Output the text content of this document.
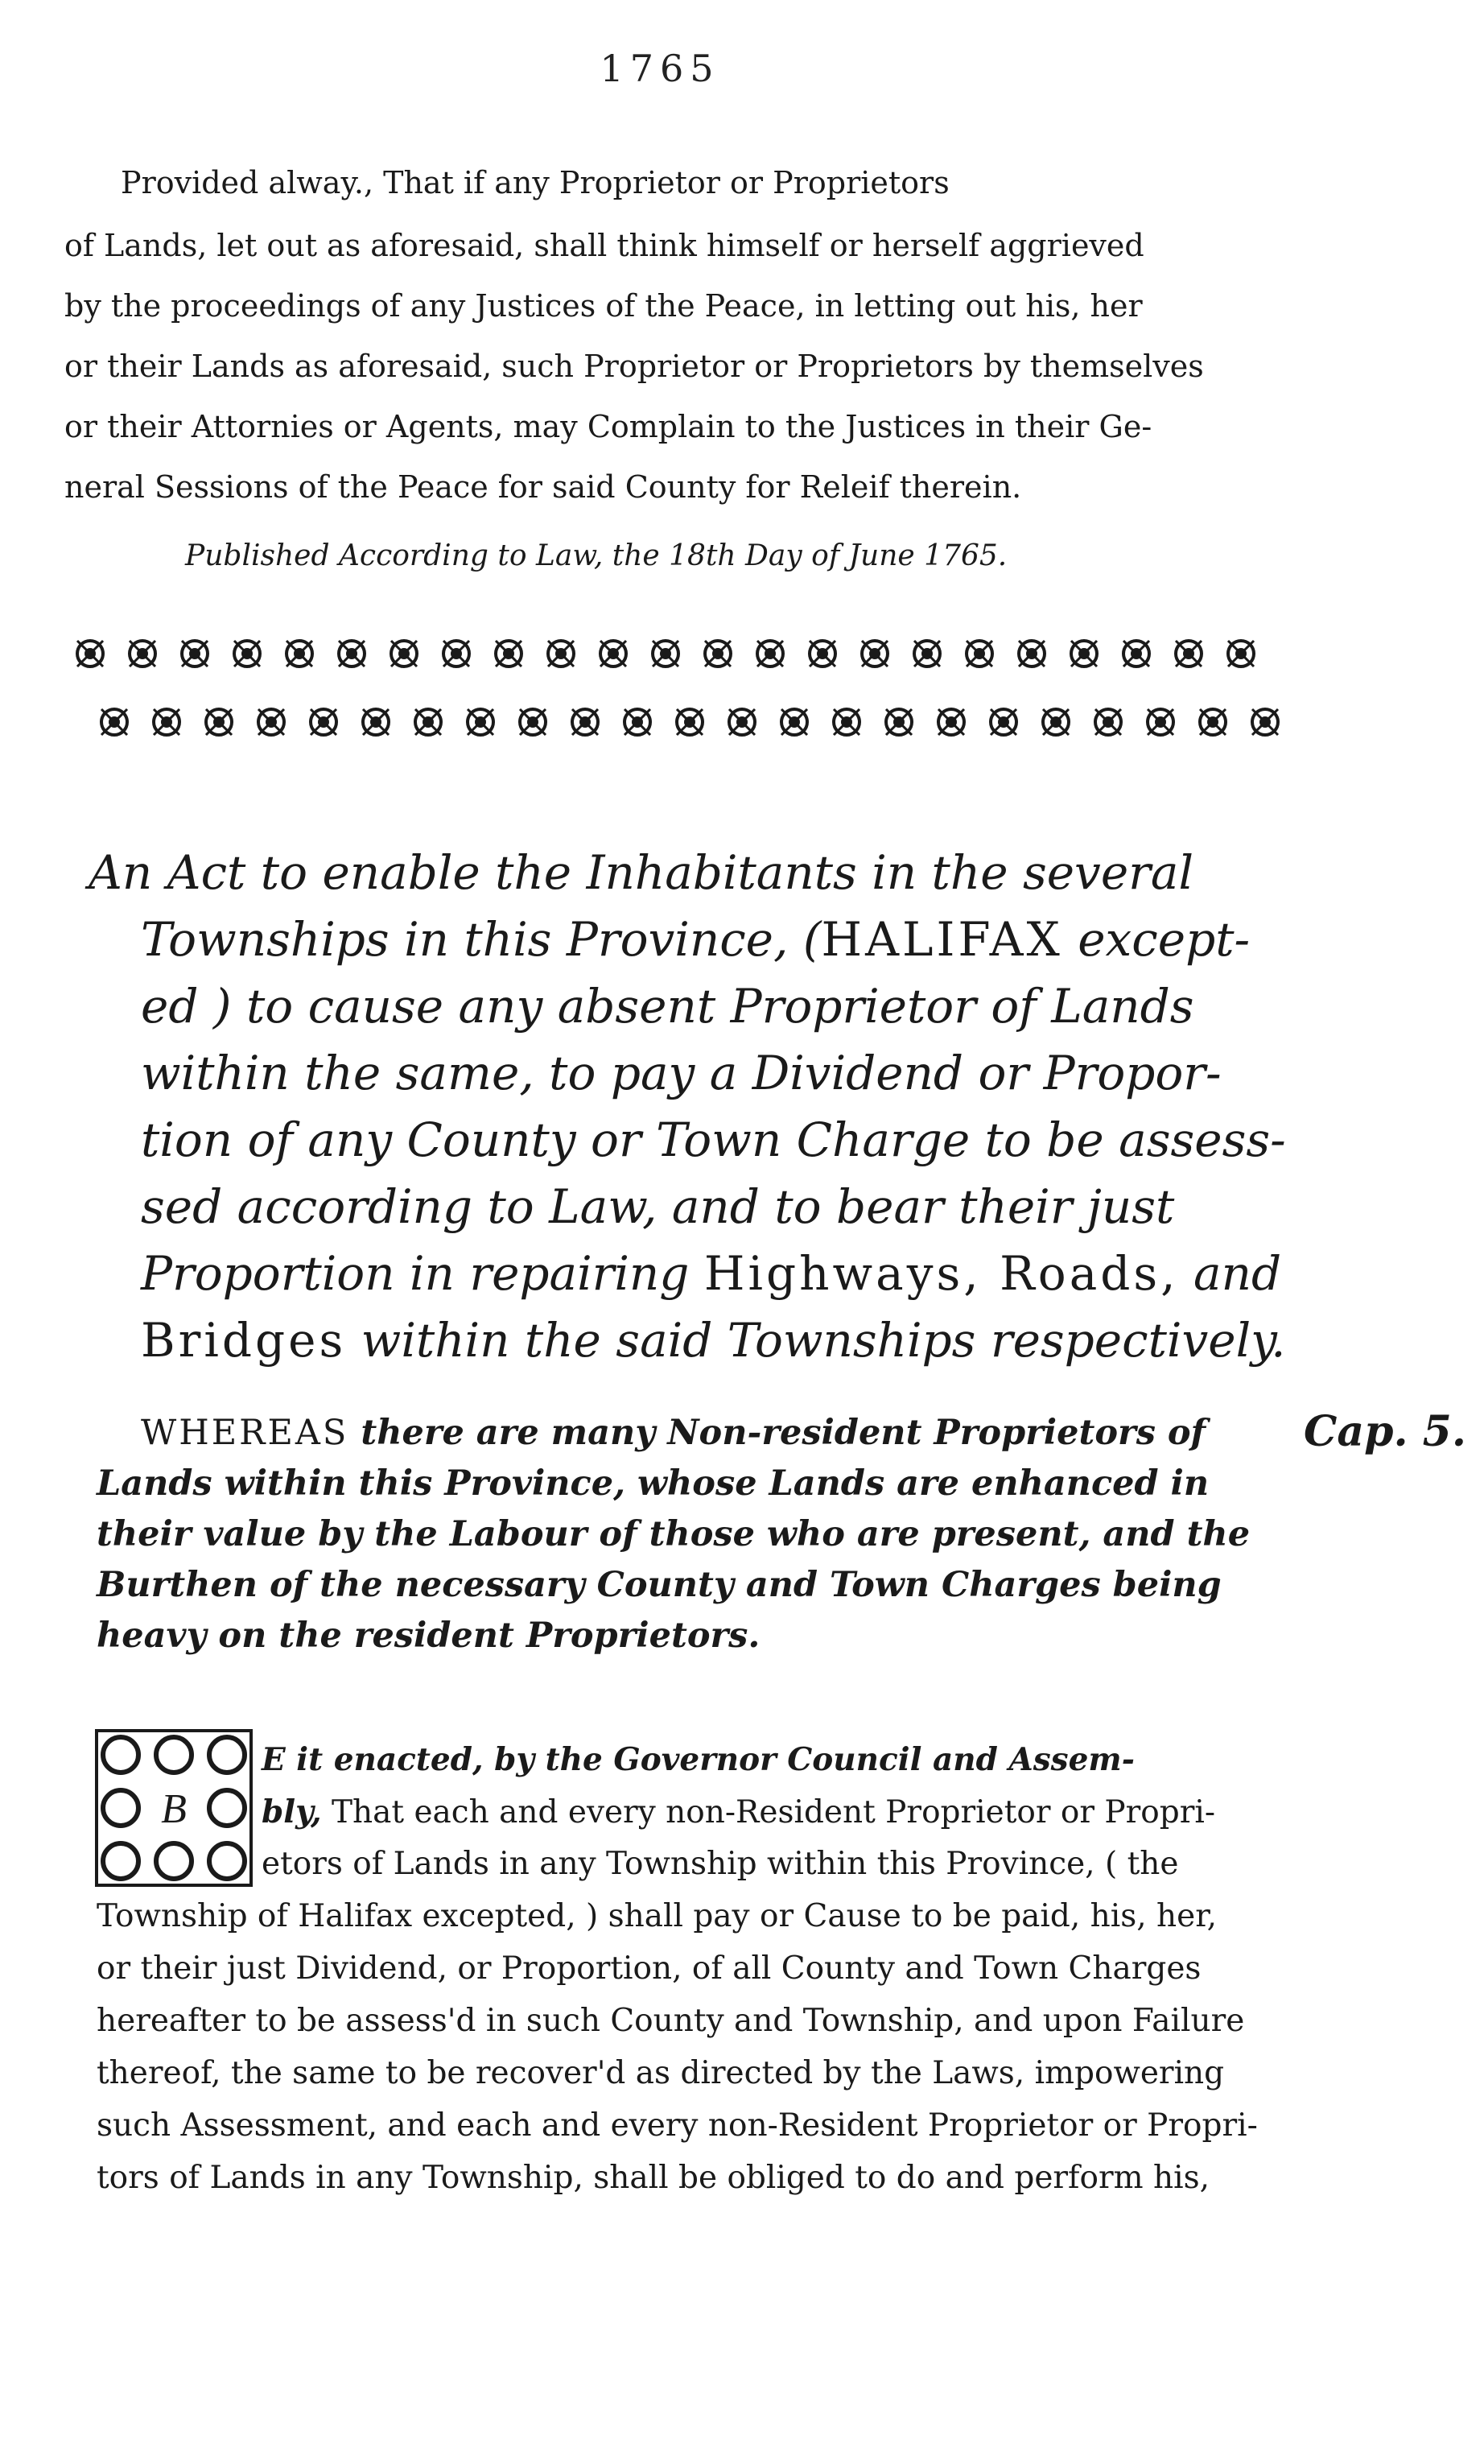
1765
Provided alway., That if any Proprietor or Proprietors
of Lands, let out as aforesaid, shall think himself or herself aggrieved
by the proceedings of any Justices of the Peace, in letting out his, her
or their Lands as aforesaid, such Proprietor or Proprietors by themselves
or their Attornies or Agents, may Complain to the Justices in their Ge-
neral Sessions of the Peace for said County for Releif therein.
Published According to Law, the 18th Day of June 1765.
An Act to enable the Inhabitants in the several
Townships in this Province, (HALIFAX except-
ed ) to cause any absent Proprietor of Lands
within the same, to pay a Dividend or Propor-
tion of any County or Town Charge to be assess-
sed according to Law, and to bear their just
Proportion in repairing Highways, Roads, and
Bridges within the said Townships respectively.
WHEREAS there are many Non-resident Proprietors of
Lands within this Province, whose Lands are enhanced in
their value by the Labour of those who are present, and the
Burthen of the necessary County and Town Charges being
heavy on the resident Proprietors.
Cap. 5.
B
E it enacted, by the Governor Council and Assem-
bly, That each and every non-Resident Proprietor or Propri-
etors of Lands in any Township within this Province, ( the
Township of Halifax excepted, ) shall pay or Cause to be paid, his, her,
or their just Dividend, or Proportion, of all County and Town Charges
hereafter to be assess'd in such County and Township, and upon Failure
thereof, the same to be recover'd as directed by the Laws, impowering
such Assessment, and each and every non-Resident Proprietor or Propri-
tors of Lands in any Township, shall be obliged to do and perform his,
